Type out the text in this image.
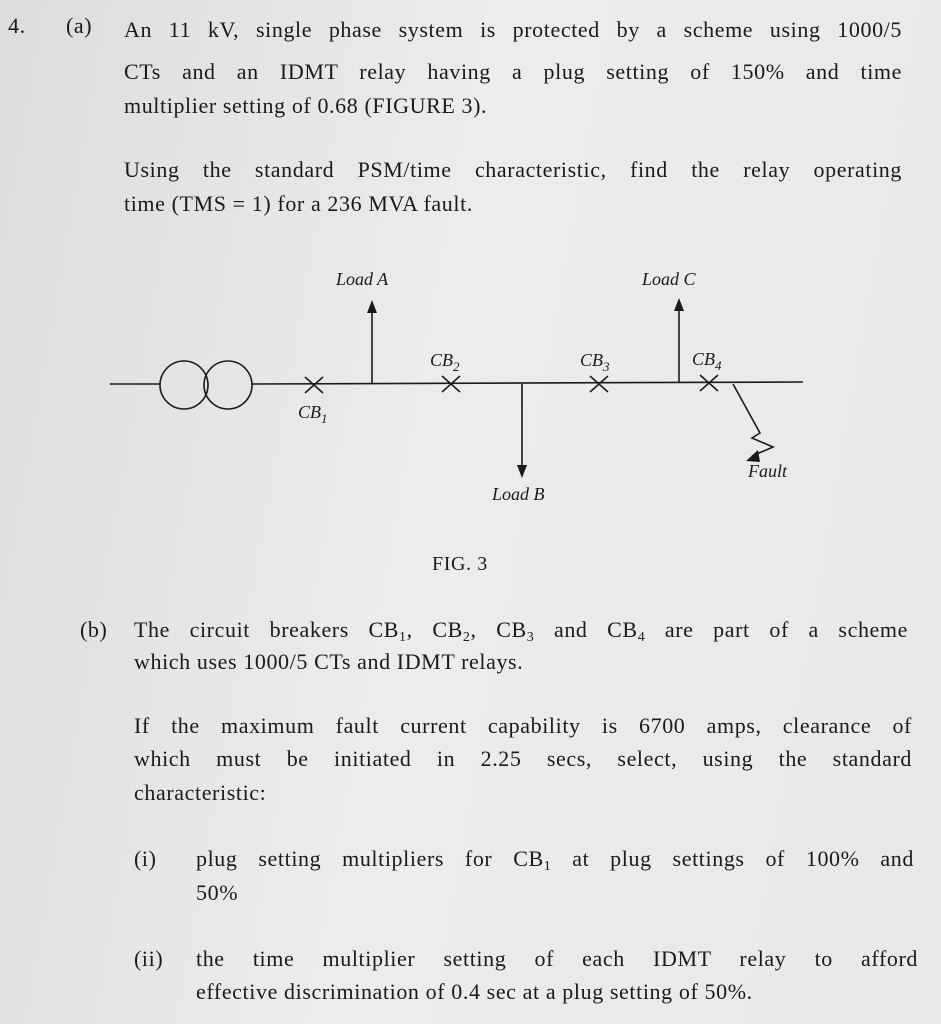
4. (a) An 11 kV, single phase system is protected by a scheme using 1000/5

CTs and an IDMT relay having a plug setting of 150% and time

multiplier setting of 0.68 (FIGURE 3).

Using the standard PSM/time characteristic, find the relay operating

time (TMS = 1) for a 236 MVA fault.

Load A	Load C
Load B
Fault
$CB_1$
$CB_2$	$CB_3$	$CB_4$

FIG. 3

(b) The circuit breakers $CB_1$, $CB_2$, $CB_3$ and $CB_4$ are part of a scheme

which uses 1000/5 CTs and IDMT relays.

If the maximum fault current capability is 6700 amps, clearance of

which must be initiated in 2.25 secs, select, using the standard

characteristic:

(i) plug setting multipliers for $CB_1$ at plug settings of 100% and

50%

(ii) the time multiplier setting of each IDMT relay to afford

effective discrimination of 0.4 sec at a plug setting of 50%.
